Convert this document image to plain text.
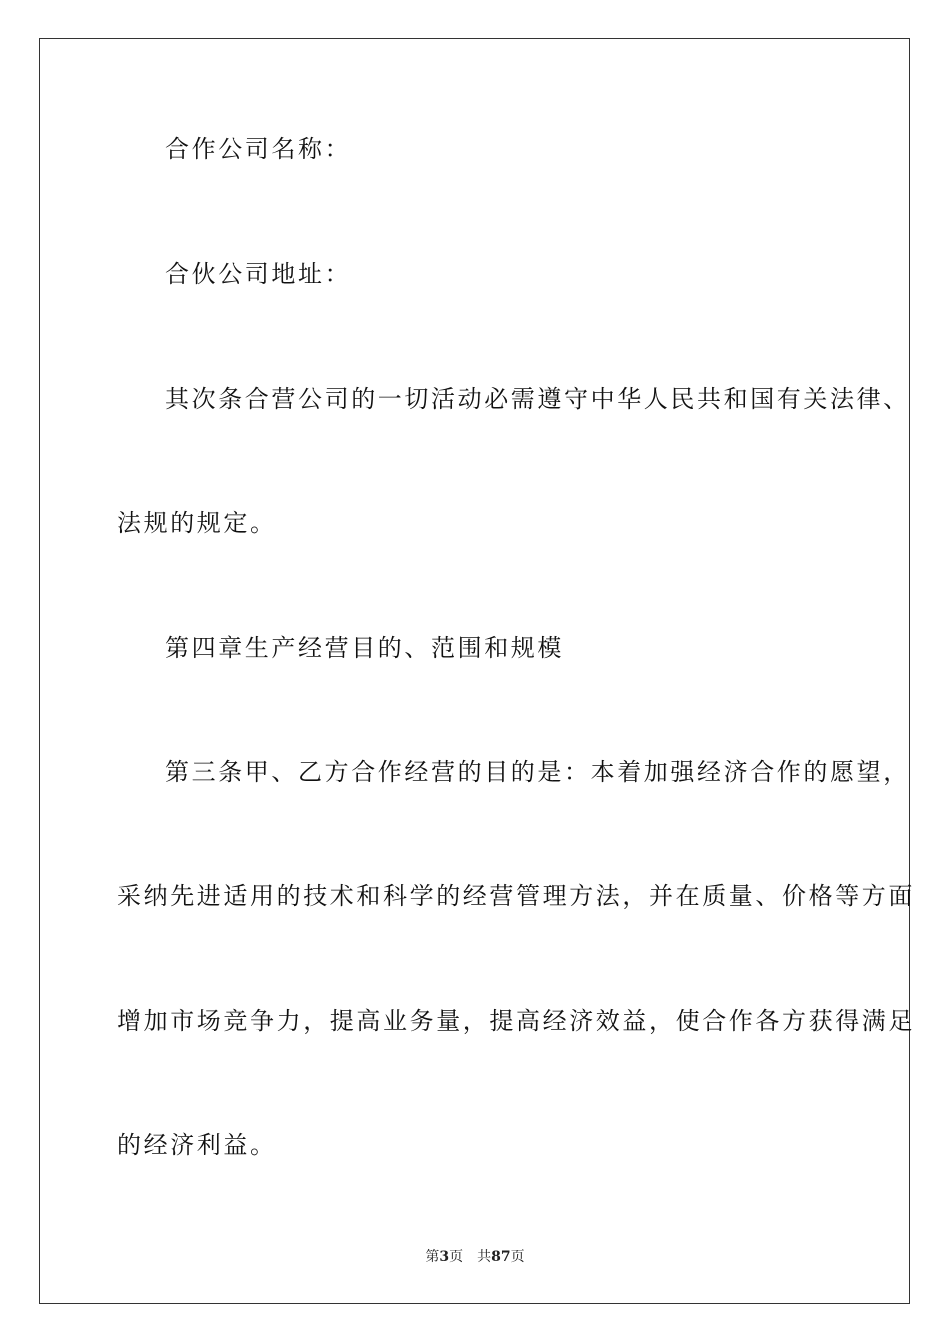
合作公司名称：
合伙公司地址：
其次条合营公司的一切活动必需遵守中华人民共和国有关法律、
法规的规定。
第四章生产经营目的、范围和规模
第三条甲、乙方合作经营的目的是：本着加强经济合作的愿望，
采纳先进适用的技术和科学的经营管理方法，并在质量、价格等方面
增加市场竞争力，提高业务量，提高经济效益，使合作各方获得满足
的经济利益。
第3页 共87页
